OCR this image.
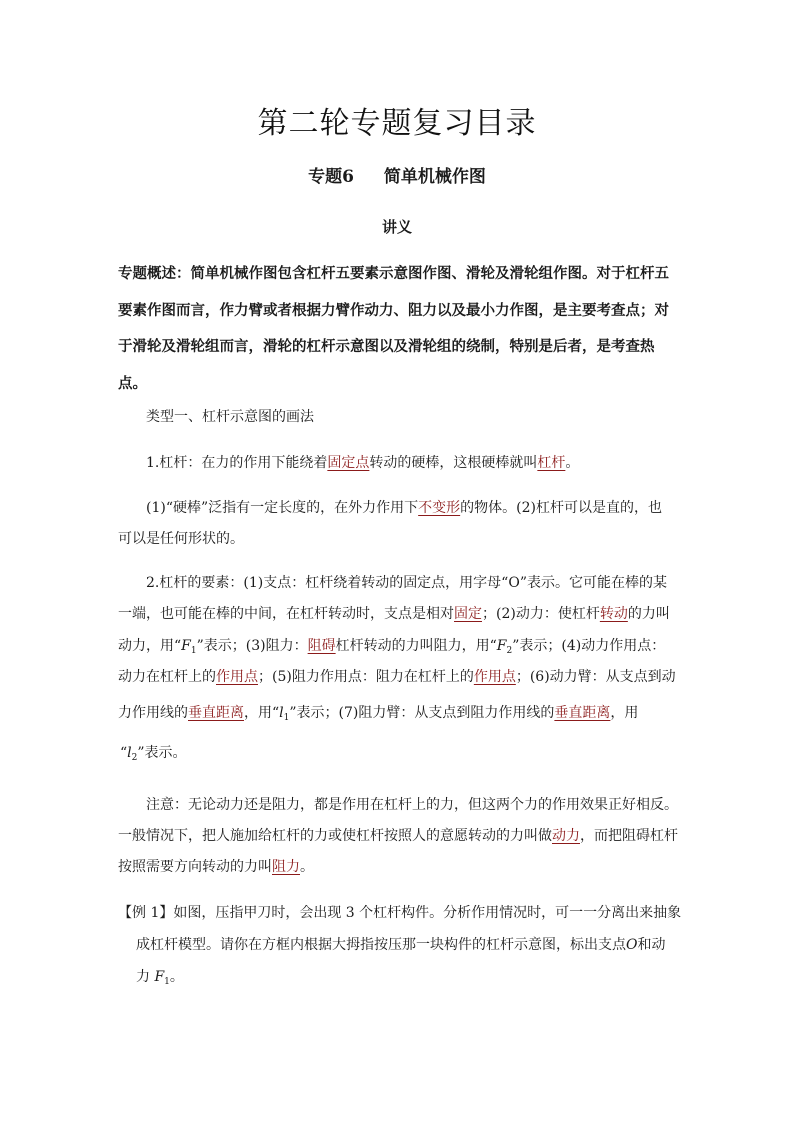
第二轮专题复习目录
专题6 简单机械作图
讲义
专题概述：简单机械作图包含杠杆五要素示意图作图、滑轮及滑轮组作图。对于杠杆五要素作图而言，作力臂或者根据力臂作动力、阻力以及最小力作图，是主要考查点；对于滑轮及滑轮组而言，滑轮的杠杆示意图以及滑轮组的绕制，特别是后者，是考查热点。
类型一、杠杆示意图的画法
1.杠杆：在力的作用下能绕着固定点转动的硬棒，这根硬棒就叫杠杆。
(1)“硬棒”泛指有一定长度的，在外力作用下不变形的物体。(2)杠杆可以是直的，也
可以是任何形状的。
2.杠杆的要素：(1)支点：杠杆绕着转动的固定点，用字母“O”表示。它可能在棒的某
一端，也可能在棒的中间，在杠杆转动时，支点是相对固定；(2)动力：使杠杆转动的力叫
动力，用“$F_1$”表示；(3)阻力：阻碍杠杆转动的力叫阻力，用“$F_2$”表示；(4)动力作用点：
动力在杠杆上的作用点；(5)阻力作用点：阻力在杠杆上的作用点；(6)动力臂：从支点到动
力作用线的垂直距离，用“$l_1$”表示；(7)阻力臂：从支点到阻力作用线的垂直距离，用
“$l_2$”表示。
注意：无论动力还是阻力，都是作用在杠杆上的力，但这两个力的作用效果正好相反。
一般情况下，把人施加给杠杆的力或使杠杆按照人的意愿转动的力叫做动力，而把阻碍杠杆
按照需要方向转动的力叫阻力。
【例 1】如图，压指甲刀时，会出现 3 个杠杆构件。分析作用情况时，可一一分离出来抽象
成杠杆模型。请你在方框内根据大拇指按压那一块构件的杠杆示意图，标出支点O和动
力 $F_1$。
